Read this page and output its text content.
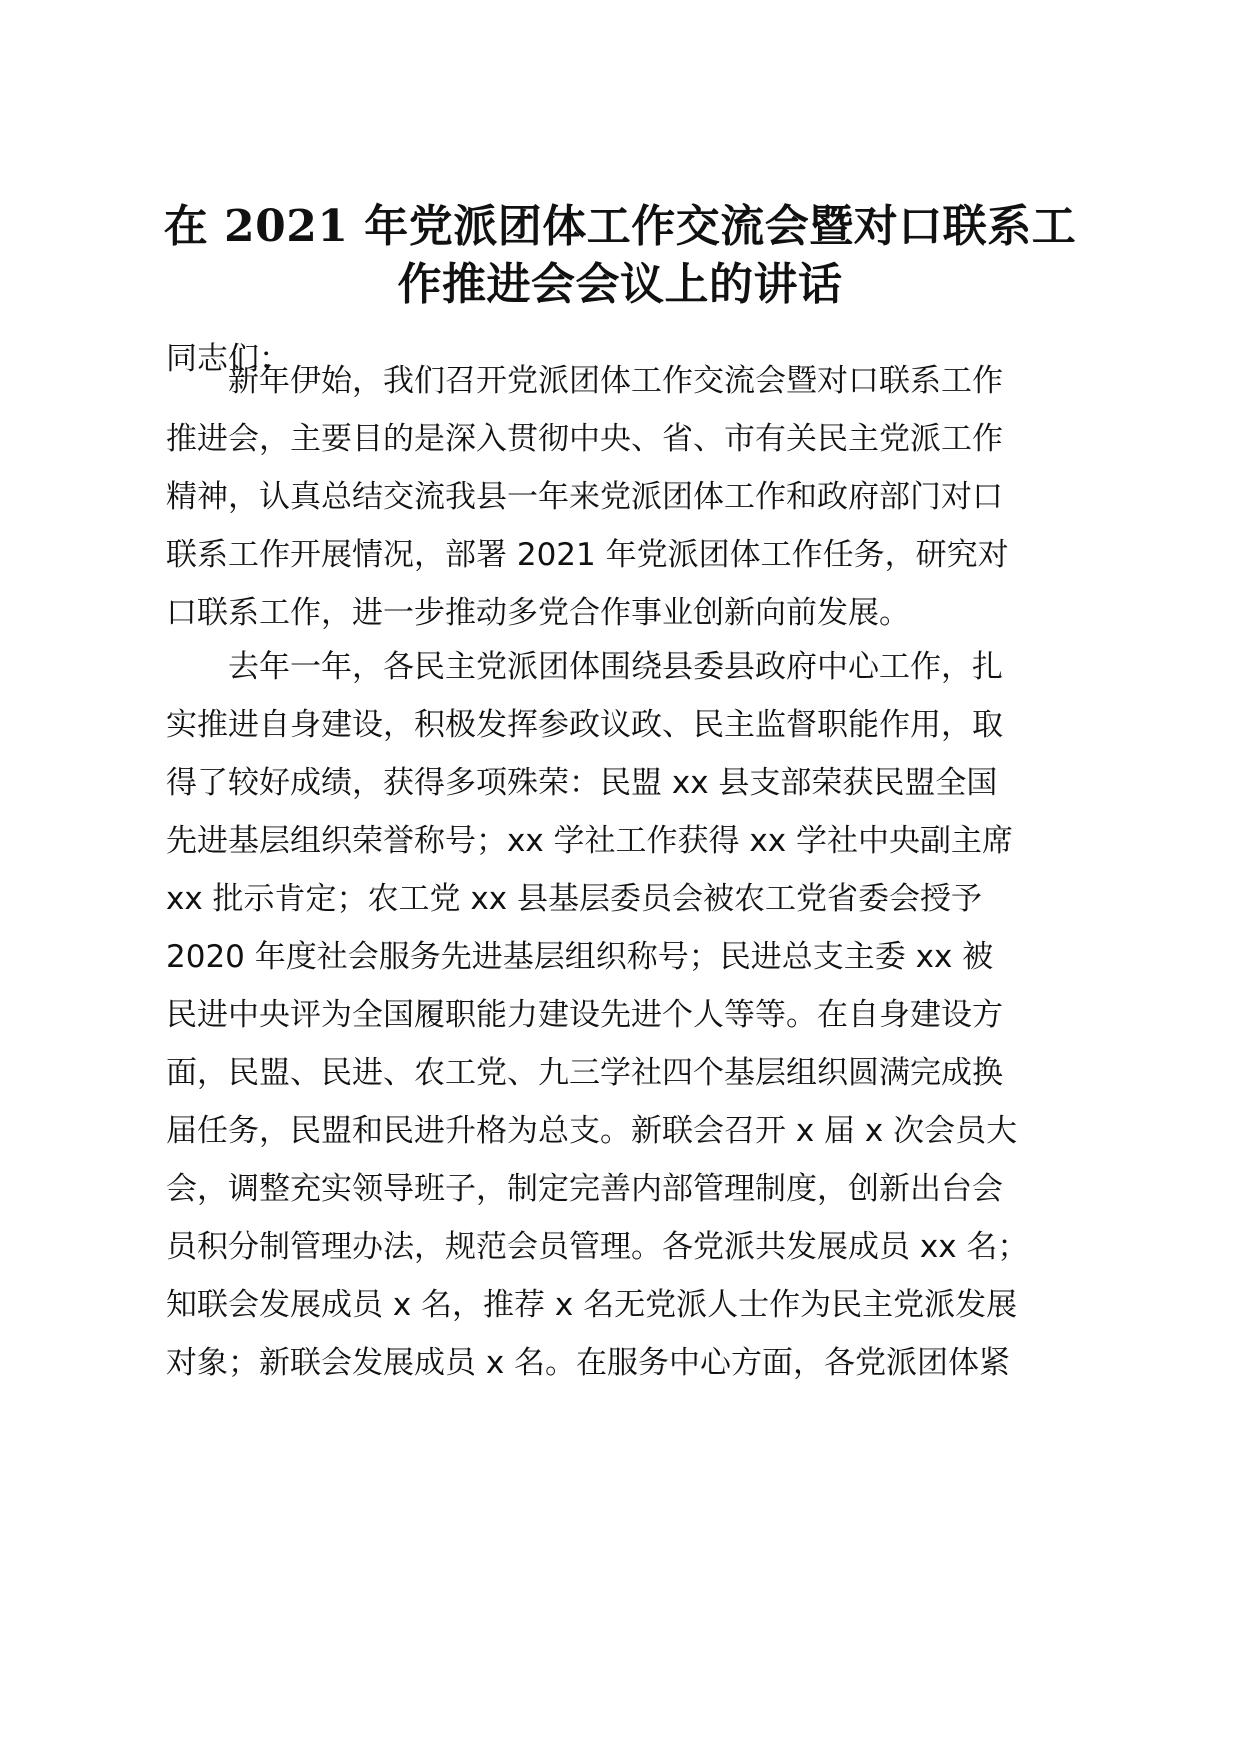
在 2021 年党派团体工作交流会暨对口联系工
作推进会会议上的讲话
同志们：
新年伊始，我们召开党派团体工作交流会暨对口联系工作
推进会，主要目的是深入贯彻中央、省、市有关民主党派工作
精神，认真总结交流我县一年来党派团体工作和政府部门对口
联系工作开展情况，部署 2021 年党派团体工作任务，研究对
口联系工作，进一步推动多党合作事业创新向前发展。
去年一年，各民主党派团体围绕县委县政府中心工作，扎
实推进自身建设，积极发挥参政议政、民主监督职能作用，取
得了较好成绩，获得多项殊荣：民盟 xx 县支部荣获民盟全国
先进基层组织荣誉称号；xx 学社工作获得 xx 学社中央副主席
xx 批示肯定；农工党 xx 县基层委员会被农工党省委会授予
2020 年度社会服务先进基层组织称号；民进总支主委 xx 被
民进中央评为全国履职能力建设先进个人等等。在自身建设方
面，民盟、民进、农工党、九三学社四个基层组织圆满完成换
届任务，民盟和民进升格为总支。新联会召开 x 届 x 次会员大
会，调整充实领导班子，制定完善内部管理制度，创新出台会
员积分制管理办法，规范会员管理。各党派共发展成员 xx 名；
知联会发展成员 x 名，推荐 x 名无党派人士作为民主党派发展
对象；新联会发展成员 x 名。在服务中心方面，各党派团体紧
